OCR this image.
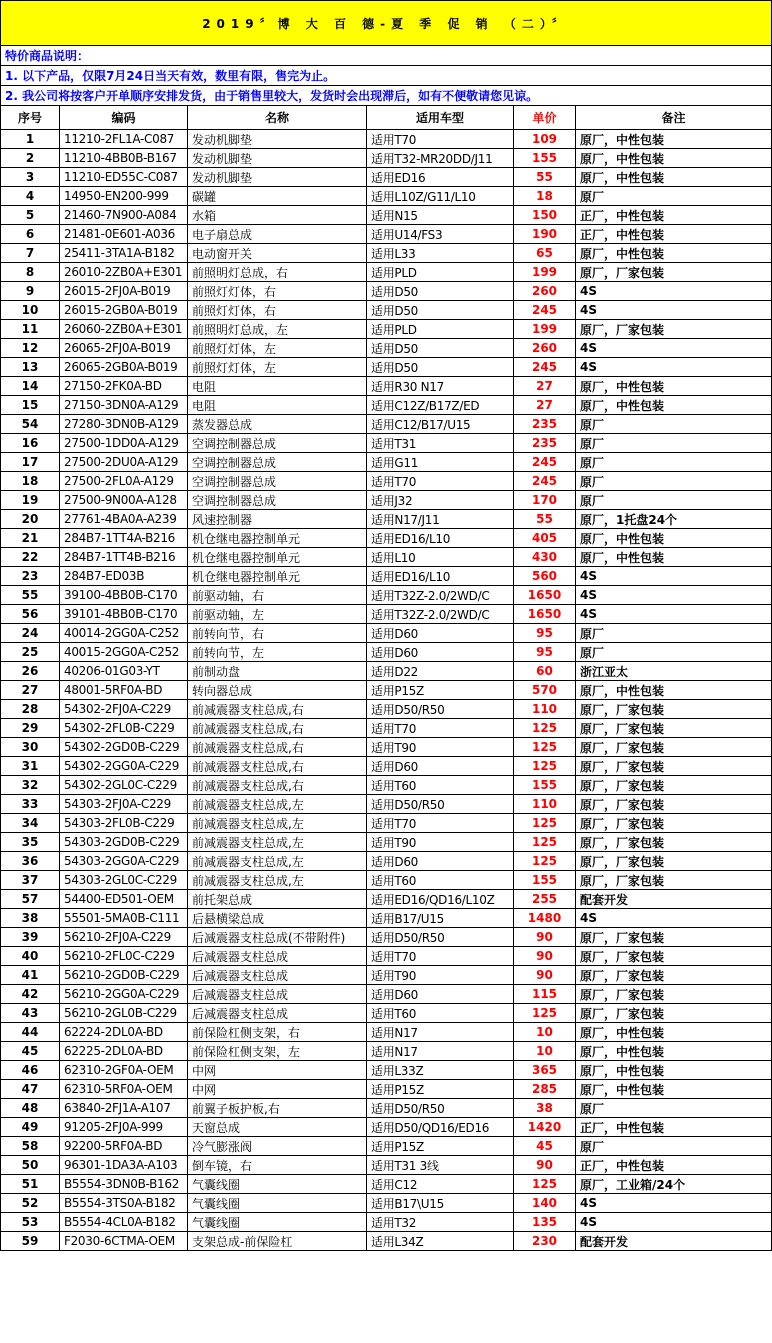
2019〞博 大 百 德-夏 季 促 销 （二）〞					
特价商品说明：					
1. 以下产品，仅限7月24日当天有效，数里有限，售完为止。					
2. 我公司将按客户开单顺序安排发货，由于销售里较大，发货时会出现滞后，如有不便敬请您见谅。					
序号	编码	名称	适用车型	单价	备注
1	11210-2FL1A-C087	发动机脚垫	适用T70	109	原厂，中性包装
2	11210-4BB0B-B167	发动机脚垫	适用T32-MR20DD/J11	155	原厂，中性包装
3	11210-ED55C-C087	发动机脚垫	适用ED16	55	原厂，中性包装
4	14950-EN200-999	碳罐	适用L10Z/G11/L10	18	原厂
5	21460-7N900-A084	水箱	适用N15	150	正厂，中性包装
6	21481-0E601-A036	电子扇总成	适用U14/FS3	190	正厂，中性包装
7	25411-3TA1A-B182	电动窗开关	适用L33	65	原厂，中性包装
8	26010-2ZB0A+E301	前照明灯总成，右	适用PLD	199	原厂，厂家包装
9	26015-2FJ0A-B019	前照灯灯体，右	适用D50	260	4S
10	26015-2GB0A-B019	前照灯灯体，右	适用D50	245	4S
11	26060-2ZB0A+E301	前照明灯总成，左	适用PLD	199	原厂，厂家包装
12	26065-2FJ0A-B019	前照灯灯体，左	适用D50	260	4S
13	26065-2GB0A-B019	前照灯灯体，左	适用D50	245	4S
14	27150-2FK0A-BD	电阻	适用R30 N17	27	原厂，中性包装
15	27150-3DN0A-A129	电阻	适用C12Z/B17Z/ED	27	原厂，中性包装
54	27280-3DN0B-A129	蒸发器总成	适用C12/B17/U15	235	原厂
16	27500-1DD0A-A129	空调控制器总成	适用T31	235	原厂
17	27500-2DU0A-A129	空调控制器总成	适用G11	245	原厂
18	27500-2FL0A-A129	空调控制器总成	适用T70	245	原厂
19	27500-9N00A-A128	空调控制器总成	适用J32	170	原厂
20	27761-4BA0A-A239	风速控制器	适用N17/J11	55	原厂，1托盘24个
21	284B7-1TT4A-B216	机仓继电器控制单元	适用ED16/L10	405	原厂，中性包装
22	284B7-1TT4B-B216	机仓继电器控制单元	适用L10	430	原厂，中性包装
23	284B7-ED03B	机仓继电器控制单元	适用ED16/L10	560	4S
55	39100-4BB0B-C170	前驱动轴，右	适用T32Z-2.0/2WD/C	1650	4S
56	39101-4BB0B-C170	前驱动轴，左	适用T32Z-2.0/2WD/C	1650	4S
24	40014-2GG0A-C252	前转向节，右	适用D60	95	原厂
25	40015-2GG0A-C252	前转向节，左	适用D60	95	原厂
26	40206-01G03-YT	前制动盘	适用D22	60	浙江亚太
27	48001-5RF0A-BD	转向器总成	适用P15Z	570	原厂，中性包装
28	54302-2FJ0A-C229	前减震器支柱总成,右	适用D50/R50	110	原厂，厂家包装
29	54302-2FL0B-C229	前减震器支柱总成,右	适用T70	125	原厂，厂家包装
30	54302-2GD0B-C229	前减震器支柱总成,右	适用T90	125	原厂，厂家包装
31	54302-2GG0A-C229	前减震器支柱总成,右	适用D60	125	原厂，厂家包装
32	54302-2GL0C-C229	前减震器支柱总成,右	适用T60	155	原厂，厂家包装
33	54303-2FJ0A-C229	前减震器支柱总成,左	适用D50/R50	110	原厂，厂家包装
34	54303-2FL0B-C229	前减震器支柱总成,左	适用T70	125	原厂，厂家包装
35	54303-2GD0B-C229	前减震器支柱总成,左	适用T90	125	原厂，厂家包装
36	54303-2GG0A-C229	前减震器支柱总成,左	适用D60	125	原厂，厂家包装
37	54303-2GL0C-C229	前减震器支柱总成,左	适用T60	155	原厂，厂家包装
57	54400-ED501-OEM	前托架总成	适用ED16/QD16/L10Z	255	配套开发
38	55501-5MA0B-C111	后悬横梁总成	适用B17/U15	1480	4S
39	56210-2FJ0A-C229	后减震器支柱总成(不带附件)	适用D50/R50	90	原厂，厂家包装
40	56210-2FL0C-C229	后减震器支柱总成	适用T70	90	原厂，厂家包装
41	56210-2GD0B-C229	后减震器支柱总成	适用T90	90	原厂，厂家包装
42	56210-2GG0A-C229	后减震器支柱总成	适用D60	115	原厂，厂家包装
43	56210-2GL0B-C229	后减震器支柱总成	适用T60	125	原厂，厂家包装
44	62224-2DL0A-BD	前保险杠侧支架，右	适用N17	10	原厂，中性包装
45	62225-2DL0A-BD	前保险杠侧支架，左	适用N17	10	原厂，中性包装
46	62310-2GF0A-OEM	中网	适用L33Z	365	原厂，中性包装
47	62310-5RF0A-OEM	中网	适用P15Z	285	原厂，中性包装
48	63840-2FJ1A-A107	前翼子板护板,右	适用D50/R50	38	原厂
49	91205-2FJ0A-999	天窗总成	适用D50/QD16/ED16	1420	正厂，中性包装
58	92200-5RF0A-BD	冷气膨涨阀	适用P15Z	45	原厂
50	96301-1DA3A-A103	倒车镜，右	适用T31 3线	90	正厂，中性包装
51	B5554-3DN0B-B162	气囊线圈	适用C12	125	原厂，工业箱/24个
52	B5554-3TS0A-B182	气囊线圈	适用B17\U15	140	4S
53	B5554-4CL0A-B182	气囊线圈	适用T32	135	4S
59	F2030-6CTMA-OEM	支架总成-前保险杠	适用L34Z	230	配套开发
